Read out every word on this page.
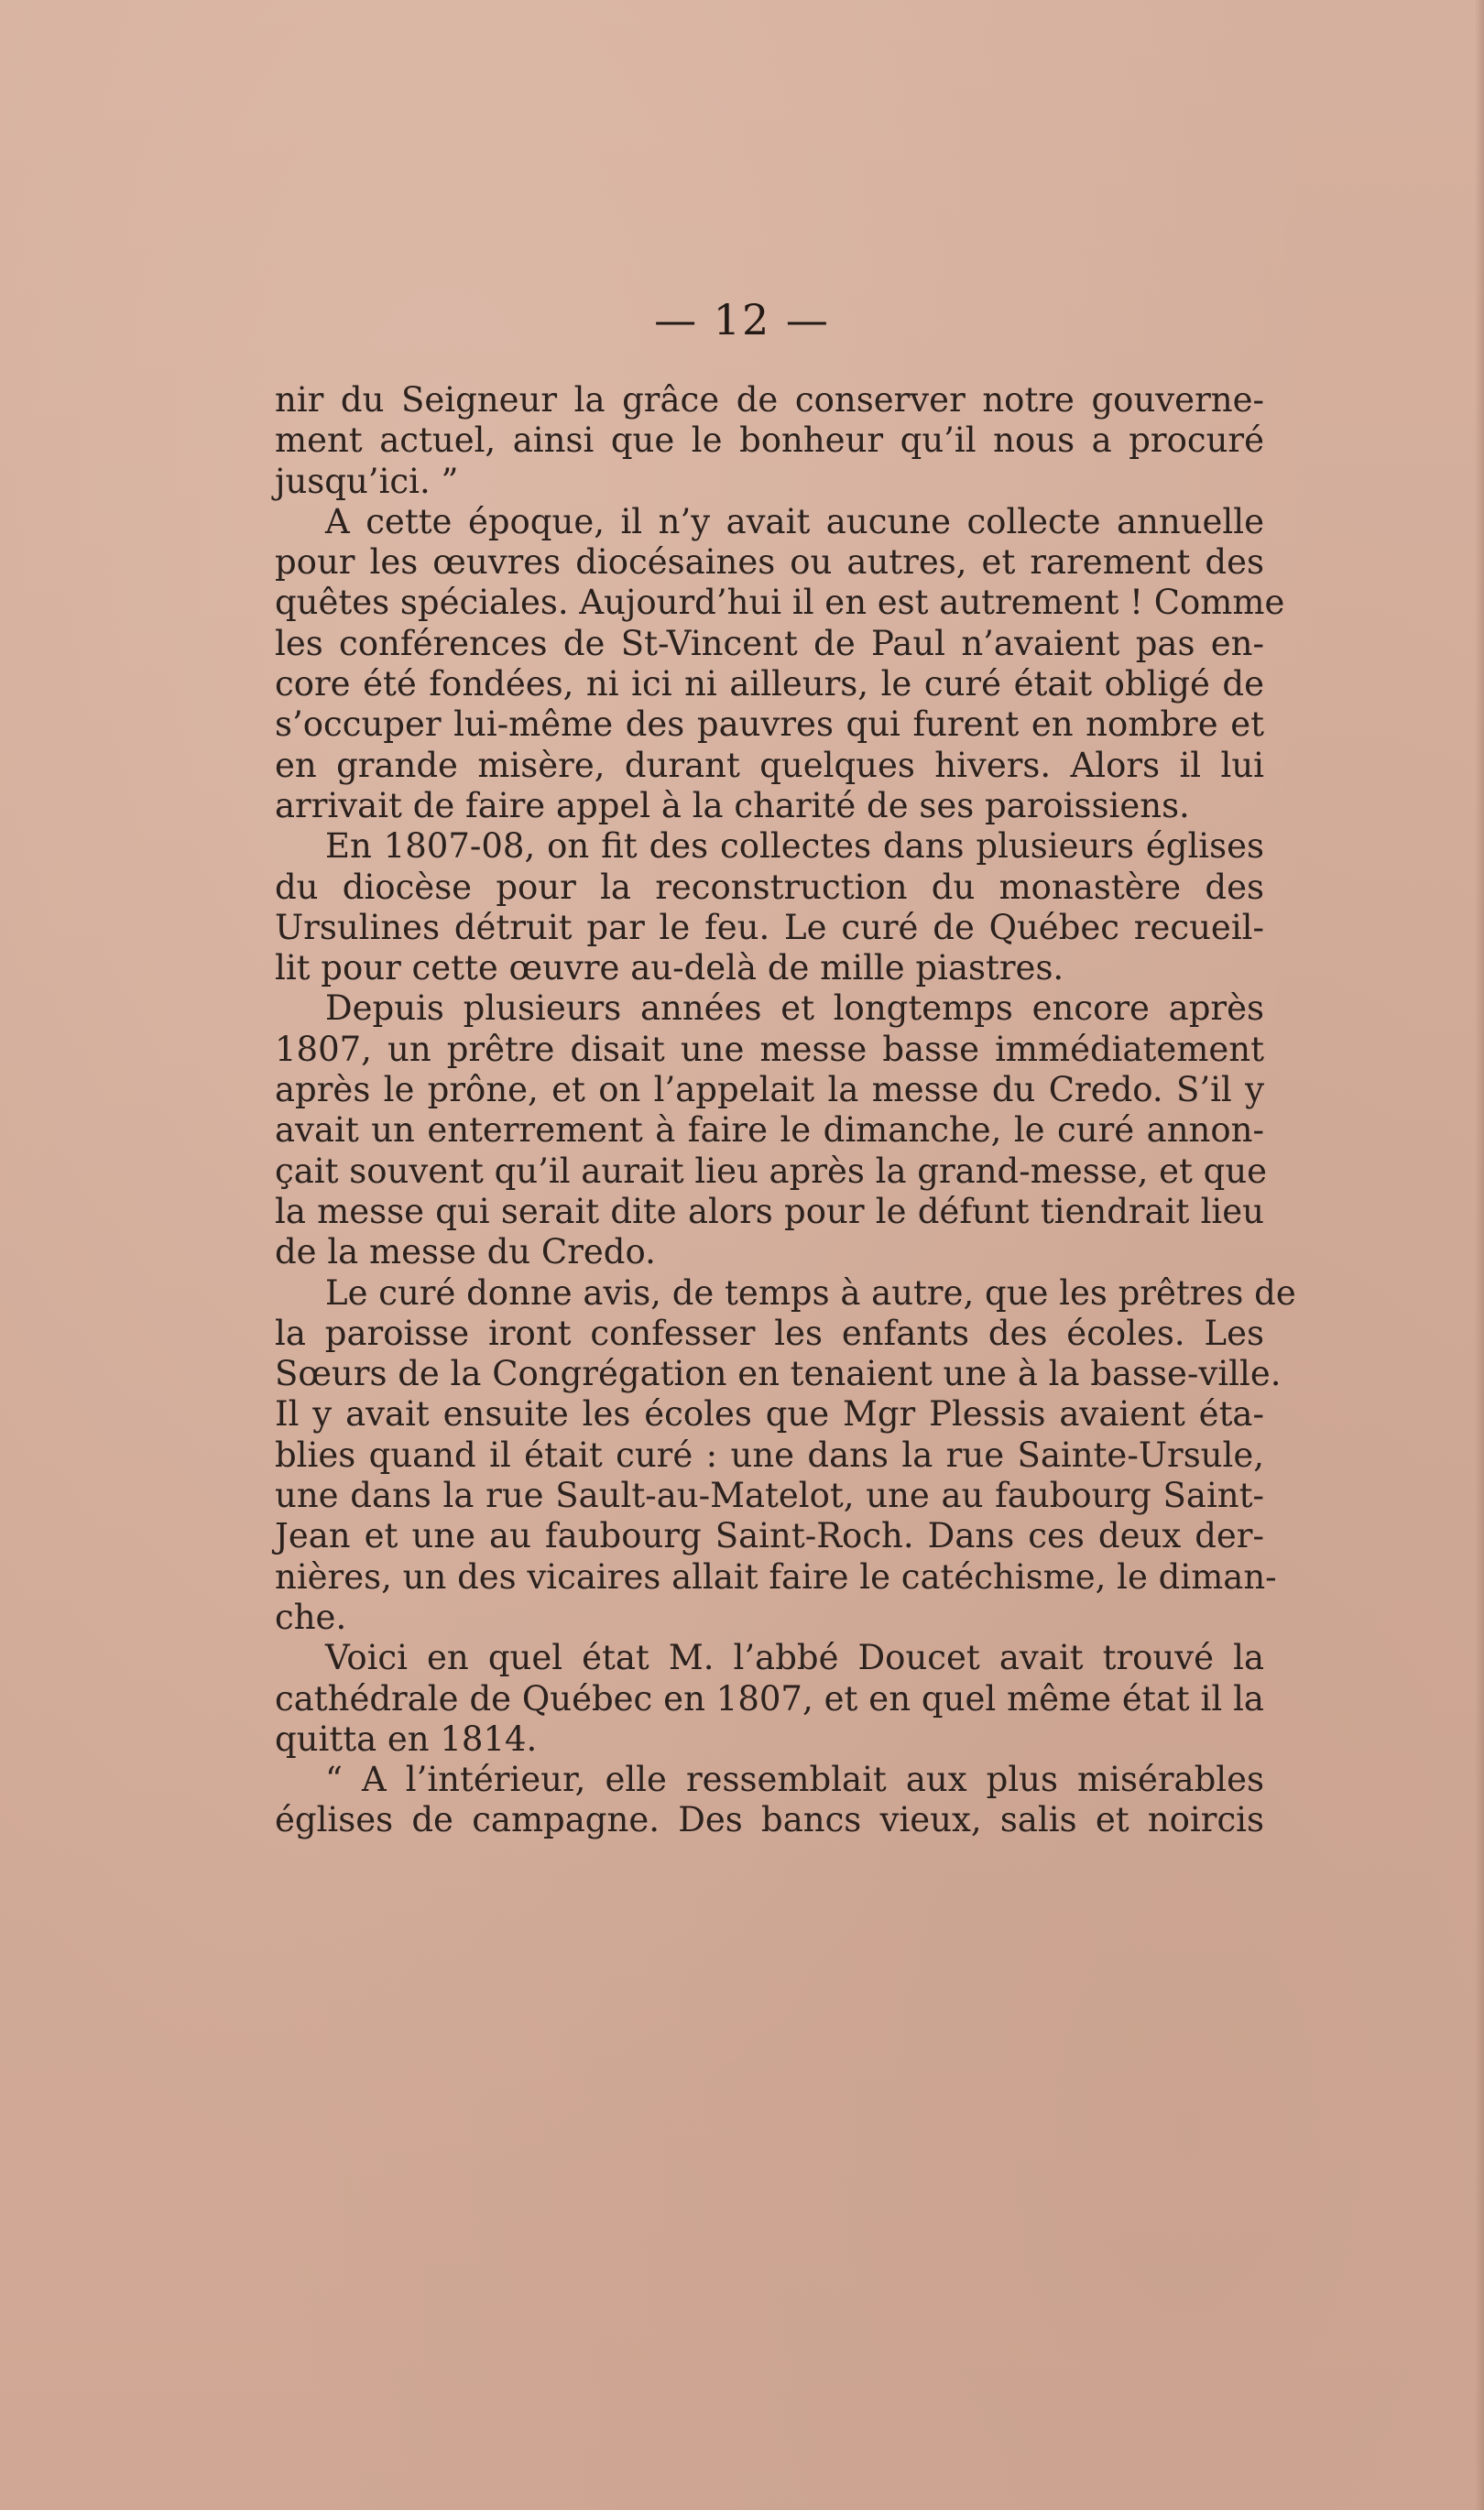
— 12 —
nir du Seigneur la grâce de conserver notre gouverne-
ment actuel, ainsi que le bonheur qu’il nous a procuré
jusqu’ici. ”
A cette époque, il n’y avait aucune collecte annuelle
pour les œuvres diocésaines ou autres, et rarement des
quêtes spéciales. Aujourd’hui il en est autrement ! Comme
les conférences de St-Vincent de Paul n’avaient pas en-
core été fondées, ni ici ni ailleurs, le curé était obligé de
s’occuper lui-même des pauvres qui furent en nombre et
en grande misère, durant quelques hivers. Alors il lui
arrivait de faire appel à la charité de ses paroissiens.
En 1807-08, on fit des collectes dans plusieurs églises
du diocèse pour la reconstruction du monastère des
Ursulines détruit par le feu. Le curé de Québec recueil-
lit pour cette œuvre au-delà de mille piastres.
Depuis plusieurs années et longtemps encore après
1807, un prêtre disait une messe basse immédiatement
après le prône, et on l’appelait la messe du Credo. S’il y
avait un enterrement à faire le dimanche, le curé annon-
çait souvent qu’il aurait lieu après la grand-messe, et que
la messe qui serait dite alors pour le défunt tiendrait lieu
de la messe du Credo.
Le curé donne avis, de temps à autre, que les prêtres de
la paroisse iront confesser les enfants des écoles. Les
Sœurs de la Congrégation en tenaient une à la basse-ville.
Il y avait ensuite les écoles que Mgr Plessis avaient éta-
blies quand il était curé : une dans la rue Sainte-Ursule,
une dans la rue Sault-au-Matelot, une au faubourg Saint-
Jean et une au faubourg Saint-Roch. Dans ces deux der-
nières, un des vicaires allait faire le catéchisme, le diman-
che.
Voici en quel état M. l’abbé Doucet avait trouvé la
cathédrale de Québec en 1807, et en quel même état il la
quitta en 1814.
“ A l’intérieur, elle ressemblait aux plus misérables
églises de campagne. Des bancs vieux, salis et noircis
